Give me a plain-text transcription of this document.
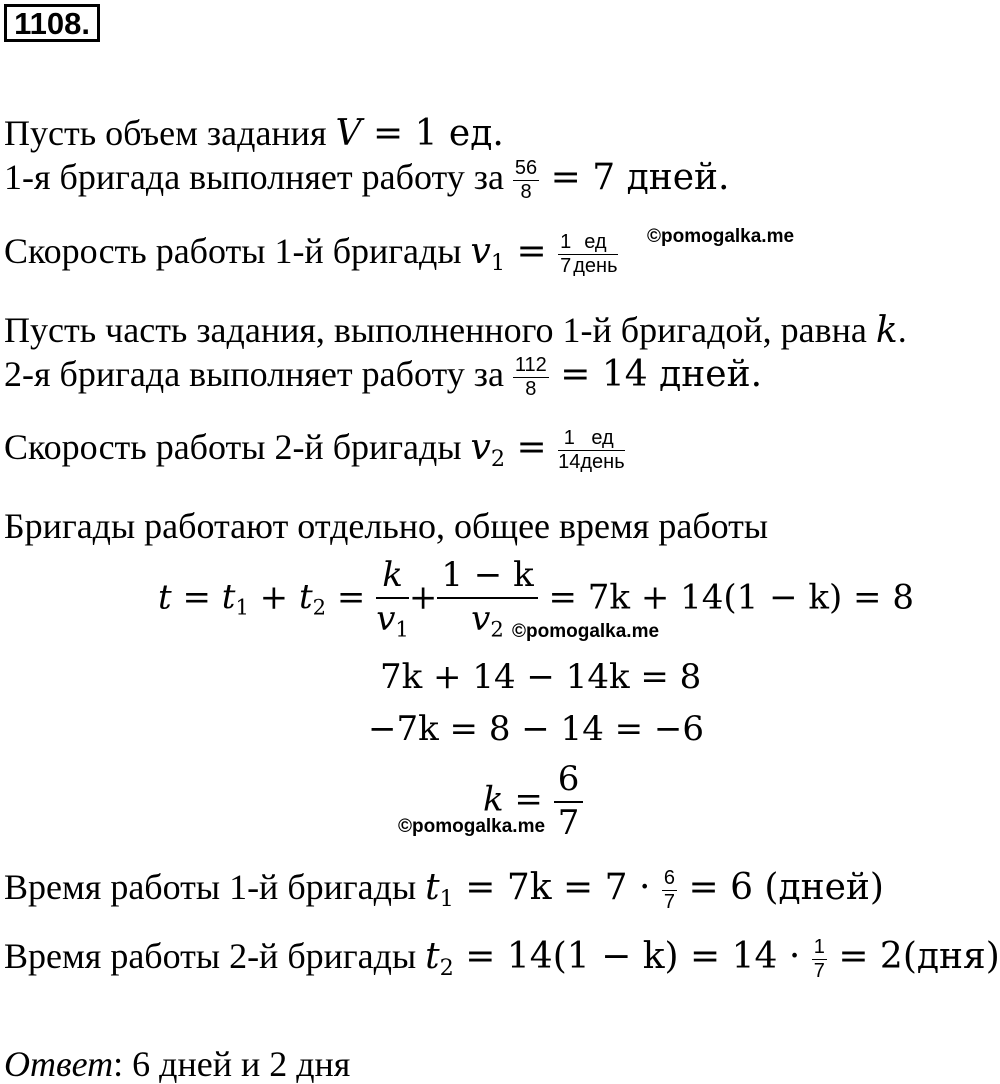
1108.
Пусть объем задания V = 1 ед.
1-я бригада выполняет работу за $\frac{56}{8} = 7$ дней.
Скорость работы 1-й бригады $v_1 = \frac{1}{7} \frac{ед}{\text{день}}$ ©pomogalka.me
Пусть часть задания, выполненного 1-й бригадой, равна k.
2-я бригада выполняет работу за $\frac{112}{8} = 14$ дней.
Скорость работы 2-й бригады $v_2 = \frac{1}{14} \frac{ед}{\text{день}}$
Бригады работают отдельно, общее время работы
$t = t_1 + t_2 = \frac{k}{v_1} + \frac{1 - k}{v_2} = 7k + 14(1 - k) = 8$
©pomogalka.me
7k + 14 − 14k = 8
−7k = 8 − 14 = −6
$k = \frac{6}{7}$
©pomogalka.me
Время работы 1-й бригады $t_1 = 7k = 7 \cdot \frac{6}{7} = 6$ (дней)
Время работы 2-й бригады $t_2 = 14(1 - k) = 14 \cdot \frac{1}{7} = 2(дня)$
Ответ: 6 дней и 2 дня
